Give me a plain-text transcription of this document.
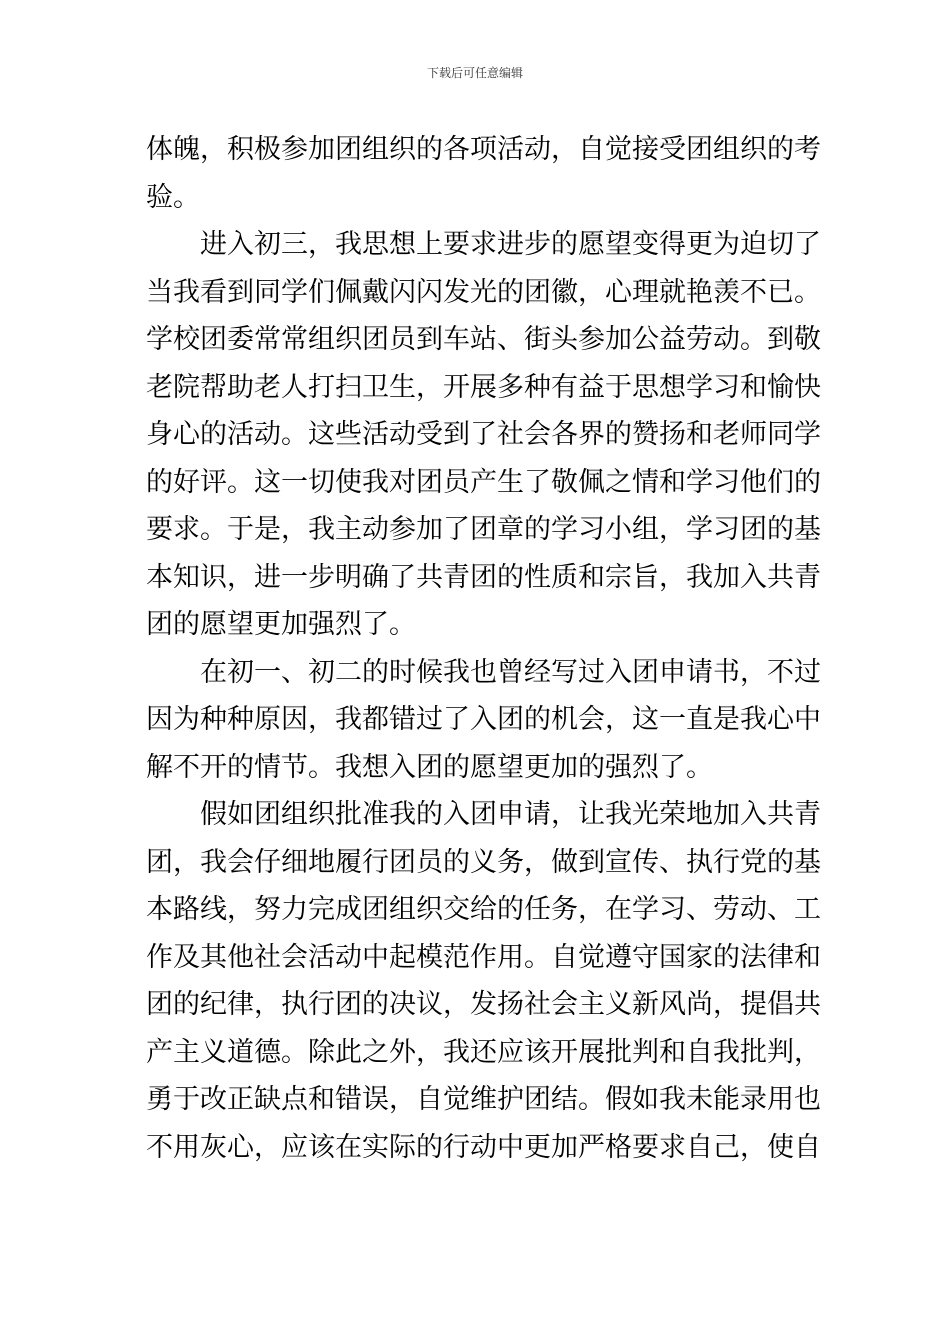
下载后可任意编辑
体魄，积极参加团组织的各项活动，自觉接受团组织的考
验。
进入初三，我思想上要求进步的愿望变得更为迫切了
当我看到同学们佩戴闪闪发光的团徽，心理就艳羡不已。
学校团委常常组织团员到车站、街头参加公益劳动。到敬
老院帮助老人打扫卫生，开展多种有益于思想学习和愉快
身心的活动。这些活动受到了社会各界的赞扬和老师同学
的好评。这一切使我对团员产生了敬佩之情和学习他们的
要求。于是，我主动参加了团章的学习小组，学习团的基
本知识，进一步明确了共青团的性质和宗旨，我加入共青
团的愿望更加强烈了。
在初一、初二的时候我也曾经写过入团申请书，不过
因为种种原因，我都错过了入团的机会，这一直是我心中
解不开的情节。我想入团的愿望更加的强烈了。
假如团组织批准我的入团申请，让我光荣地加入共青
团，我会仔细地履行团员的义务，做到宣传、执行党的基
本路线，努力完成团组织交给的任务，在学习、劳动、工
作及其他社会活动中起模范作用。自觉遵守国家的法律和
团的纪律，执行团的决议，发扬社会主义新风尚，提倡共
产主义道德。除此之外，我还应该开展批判和自我批判，
勇于改正缺点和错误，自觉维护团结。假如我未能录用也
不用灰心，应该在实际的行动中更加严格要求自己，使自
